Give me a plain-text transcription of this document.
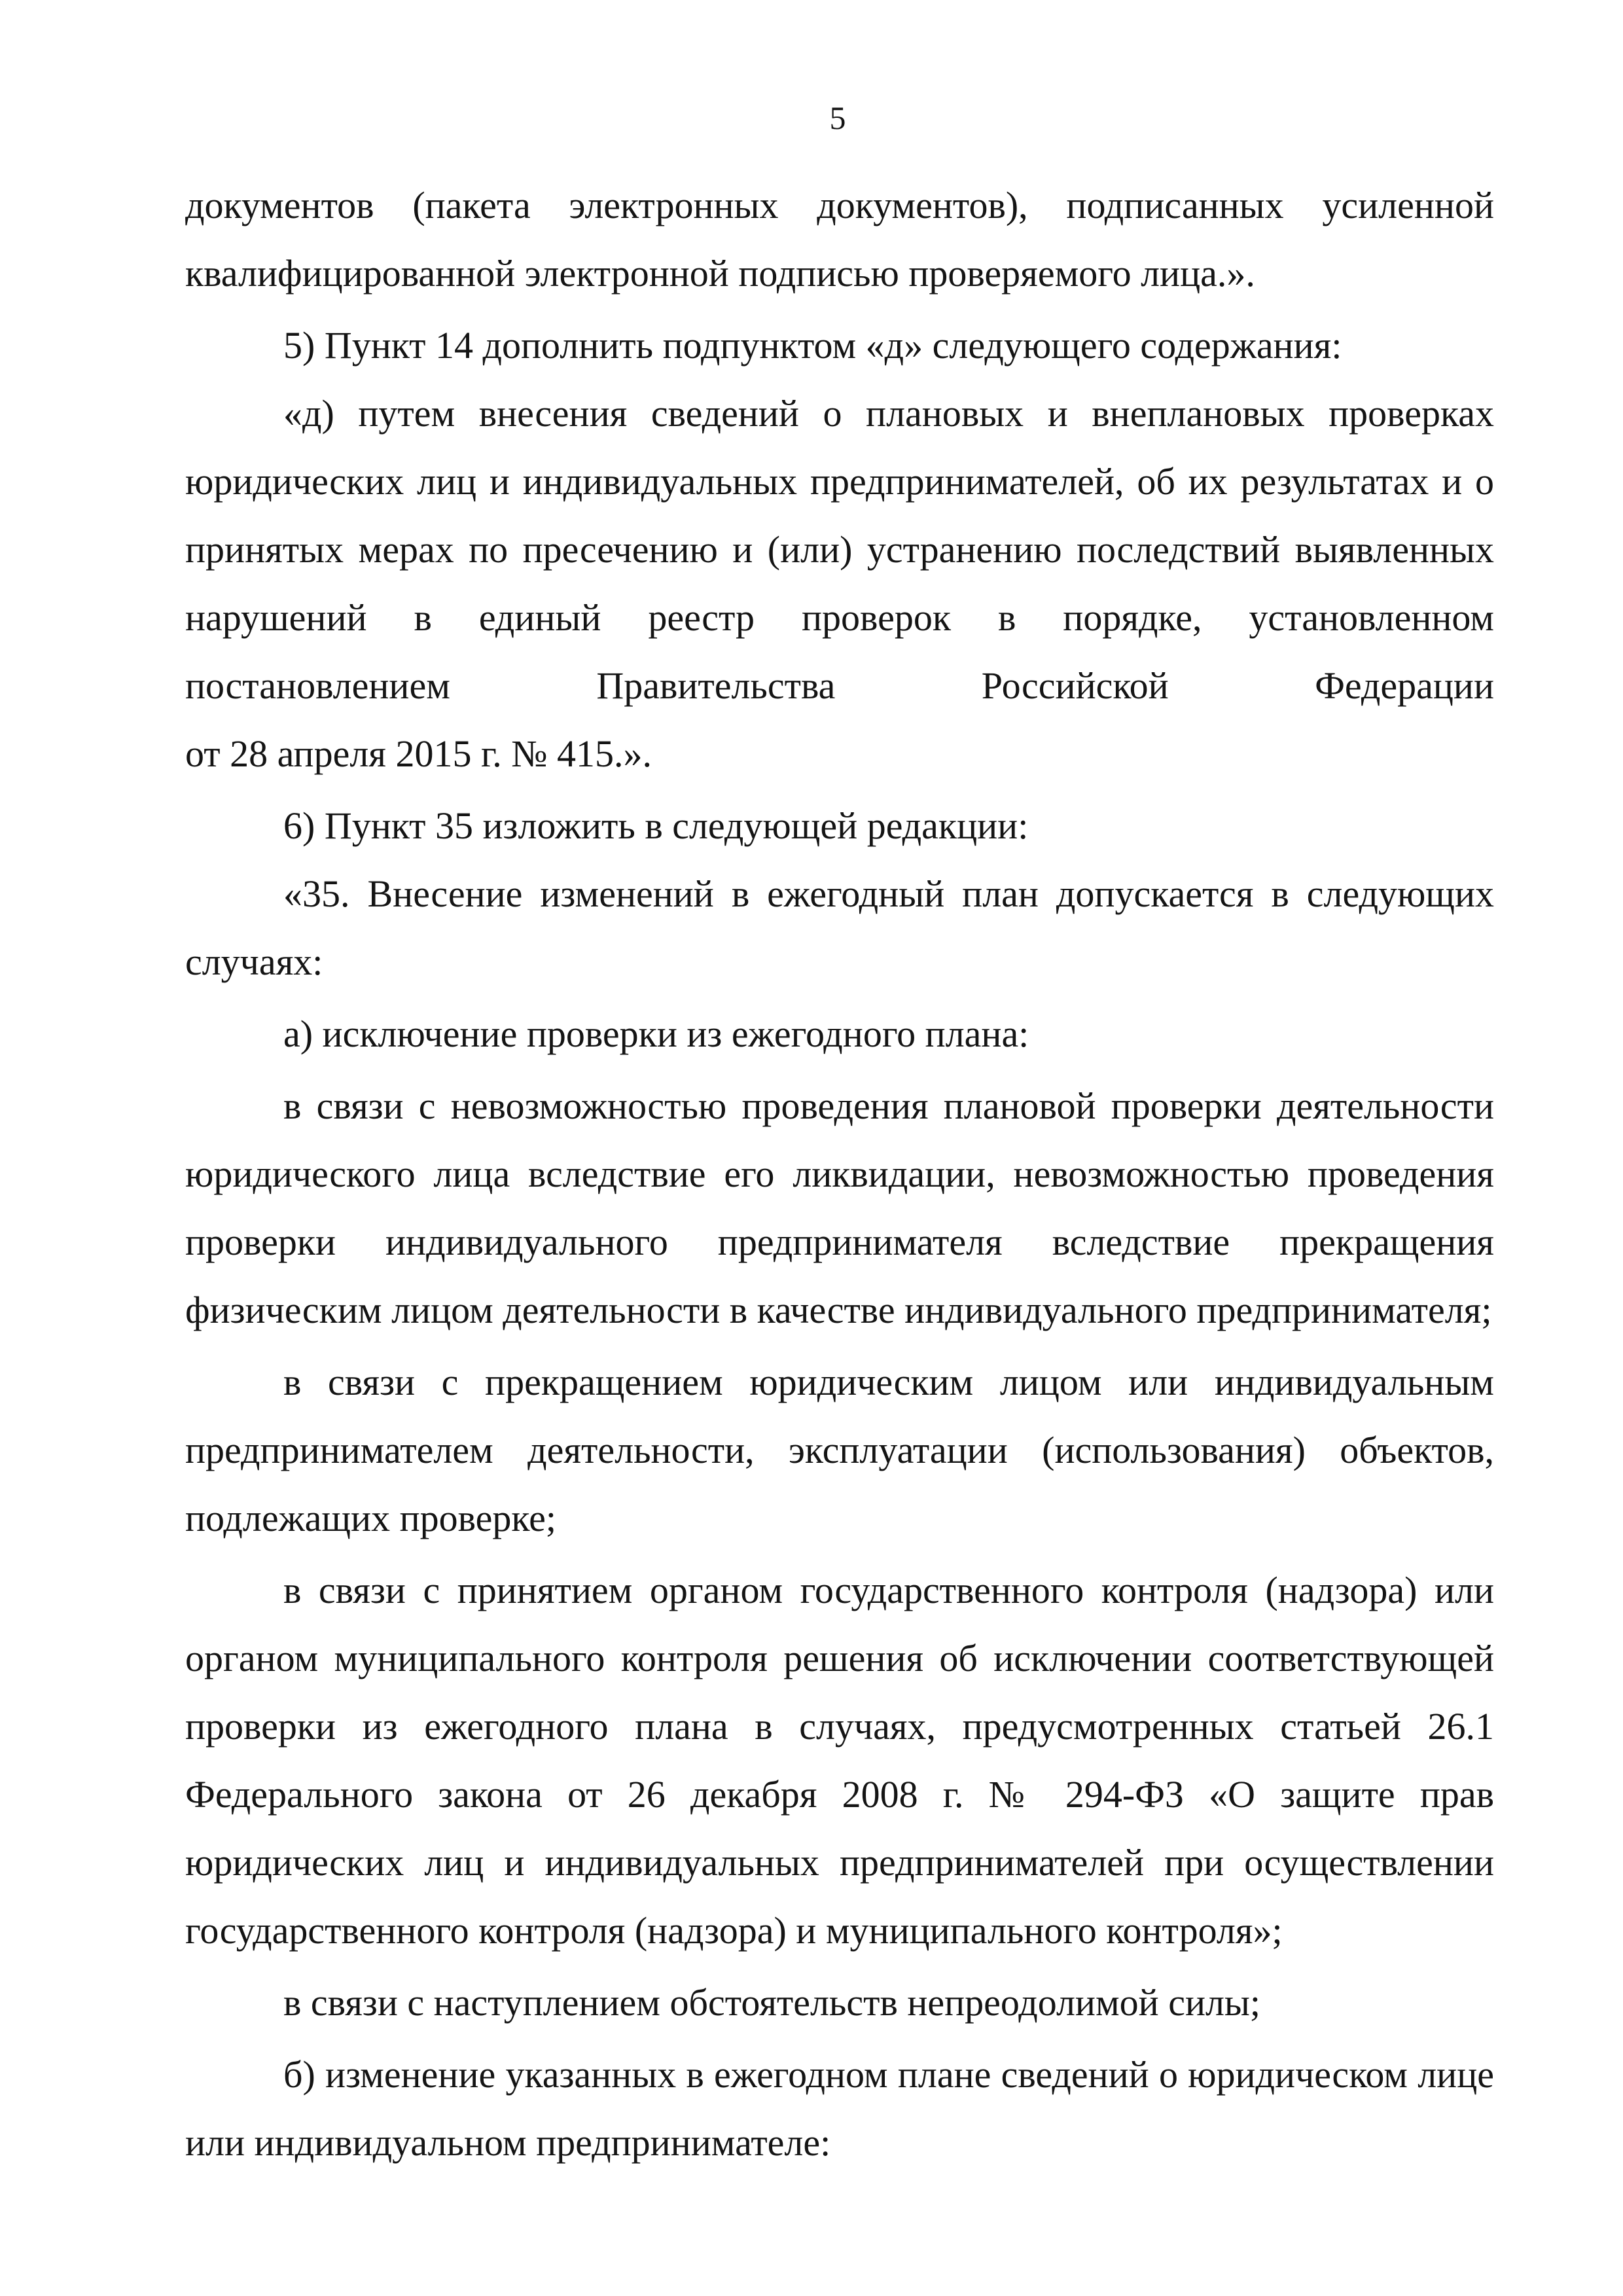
5

документов (пакета электронных документов), подписанных усиленной квалифицированной электронной подписью проверяемого лица.».

5) Пункт 14 дополнить подпунктом «д» следующего содержания:

«д) путем внесения сведений о плановых и внеплановых проверках юридических лиц и индивидуальных предпринимателей, об их результатах и о принятых мерах по пресечению и (или) устранению последствий выявленных нарушений в единый реестр проверок в порядке, установленном постановлением Правительства Российской Федерации

от 28 апреля 2015 г. № 415.».

6) Пункт 35 изложить в следующей редакции:

«35. Внесение изменений в ежегодный план допускается в следующих случаях:

а) исключение проверки из ежегодного плана:

в связи с невозможностью проведения плановой проверки деятельности юридического лица вследствие его ликвидации, невозможностью проведения проверки индивидуального предпринимателя вследствие прекращения физическим лицом деятельности в качестве индивидуального предпринимателя;

в связи с прекращением юридическим лицом или индивидуальным предпринимателем деятельности, эксплуатации (использования) объектов, подлежащих проверке;

в связи с принятием органом государственного контроля (надзора) или органом муниципального контроля решения об исключении соответствующей проверки из ежегодного плана в случаях, предусмотренных статьей 26.1 Федерального закона от 26 декабря 2008 г. № 294-ФЗ «О защите прав юридических лиц и индивидуальных предпринимателей при осуществлении государственного контроля (надзора) и муниципального контроля»;

в связи с наступлением обстоятельств непреодолимой силы;

б) изменение указанных в ежегодном плане сведений о юридическом лице или индивидуальном предпринимателе:
